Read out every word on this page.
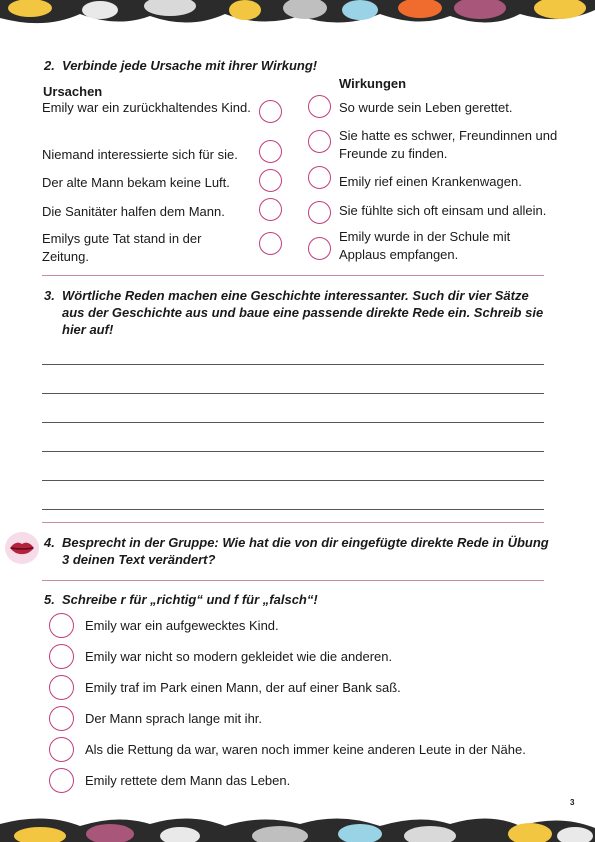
2. Verbinde jede Ursache mit ihrer Wirkung!
Wirkungen
Ursachen
Emily war ein zurückhaltendes Kind.
Niemand interessierte sich für sie.
Der alte Mann bekam keine Luft.
Die Sanitäter halfen dem Mann.
Emilys gute Tat stand in der Zeitung.
So wurde sein Leben gerettet.
Sie hatte es schwer, Freundinnen und Freunde zu finden.
Emily rief einen Krankenwagen.
Sie fühlte sich oft einsam und allein.
Emily wurde in der Schule mit Applaus empfangen.
3. Wörtliche Reden machen eine Geschichte interessanter. Such dir vier Sätze aus der Geschichte aus und baue eine passende direkte Rede ein. Schreib sie hier auf!
4. Besprecht in der Gruppe: Wie hat die von dir eingefügte direkte Rede in Übung 3 deinen Text verändert?
5. Schreibe r für „richtig“ und f für „falsch“!
Emily war ein aufgewecktes Kind.
Emily war nicht so modern gekleidet wie die anderen.
Emily traf im Park einen Mann, der auf einer Bank saß.
Der Mann sprach lange mit ihr.
Als die Rettung da war, waren noch immer keine anderen Leute in der Nähe.
Emily rettete dem Mann das Leben.
3
